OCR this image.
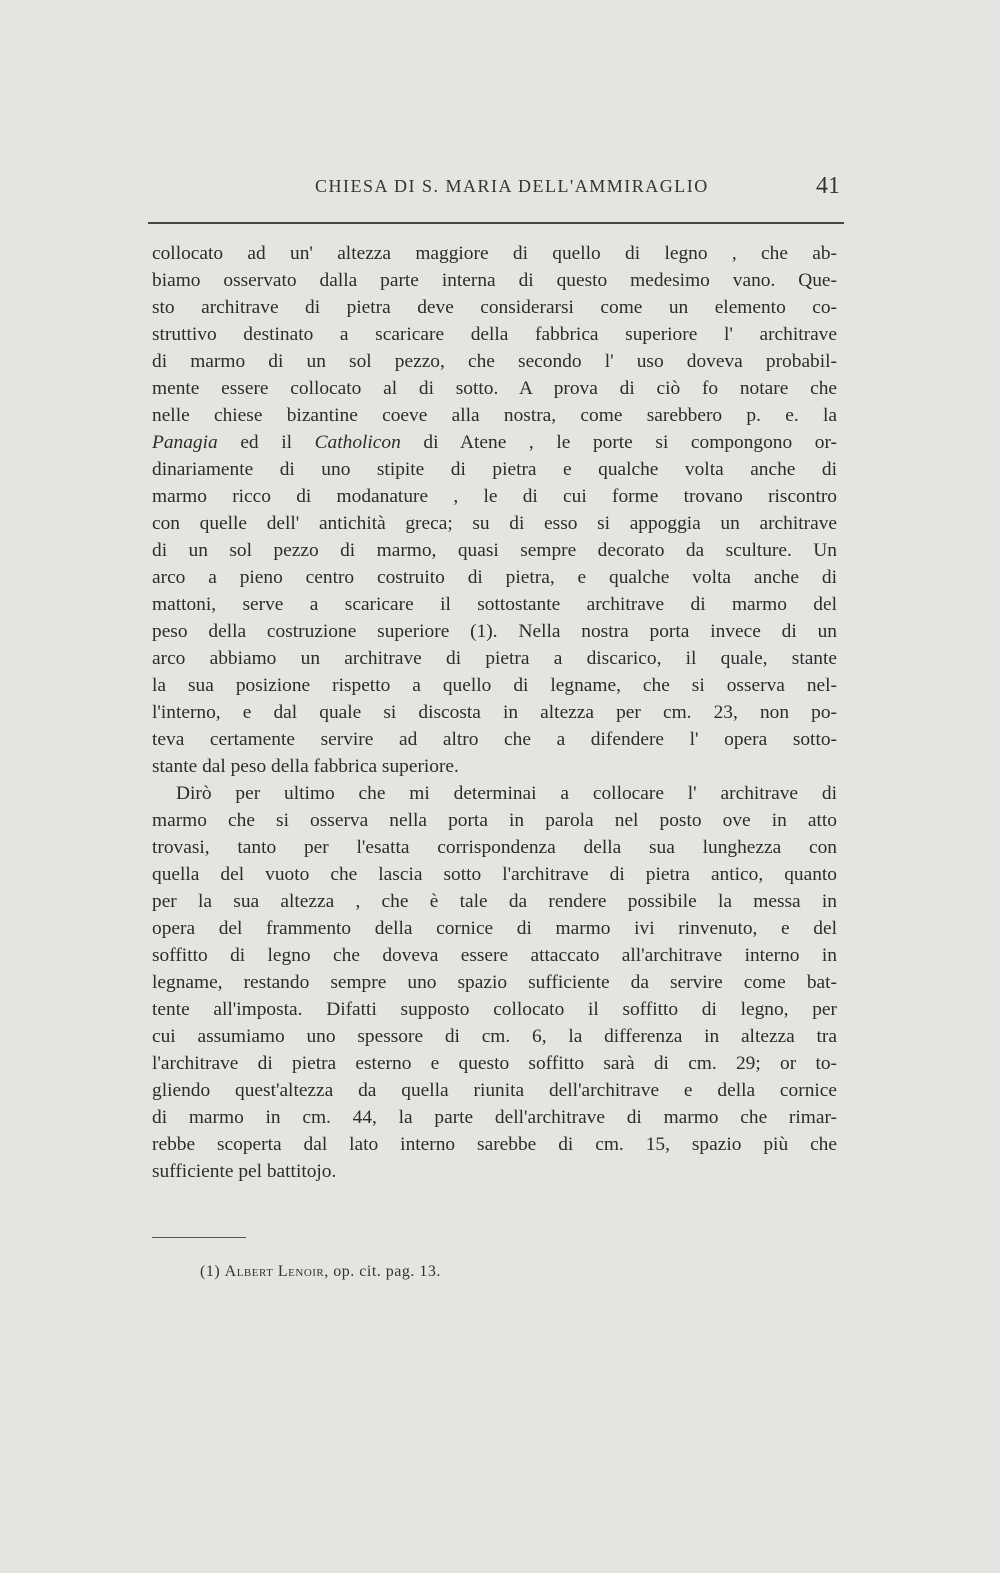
CHIESA DI S. MARIA DELL'AMMIRAGLIO	41
collocato ad un' altezza maggiore di quello di legno , che ab-
biamo osservato dalla parte interna di questo medesimo vano. Que-
sto architrave di pietra deve considerarsi come un elemento co-
struttivo destinato a scaricare della fabbrica superiore l' architrave
di marmo di un sol pezzo, che secondo l' uso doveva probabil-
mente essere collocato al di sotto. A prova di ciò fo notare che
nelle chiese bizantine coeve alla nostra, come sarebbero p. e. la
Panagia ed il Catholicon di Atene , le porte si compongono or-
dinariamente di uno stipite di pietra e qualche volta anche di
marmo ricco di modanature , le di cui forme trovano riscontro
con quelle dell' antichità greca; su di esso si appoggia un architrave
di un sol pezzo di marmo, quasi sempre decorato da sculture. Un
arco a pieno centro costruito di pietra, e qualche volta anche di
mattoni, serve a scaricare il sottostante architrave di marmo del
peso della costruzione superiore (1). Nella nostra porta invece di un
arco abbiamo un architrave di pietra a discarico, il quale, stante
la sua posizione rispetto a quello di legname, che si osserva nel-
l'interno, e dal quale si discosta in altezza per cm. 23, non po-
teva certamente servire ad altro che a difendere l' opera sotto-
stante dal peso della fabbrica superiore.
Dirò per ultimo che mi determinai a collocare l' architrave di
marmo che si osserva nella porta in parola nel posto ove in atto
trovasi, tanto per l'esatta corrispondenza della sua lunghezza con
quella del vuoto che lascia sotto l'architrave di pietra antico, quanto
per la sua altezza , che è tale da rendere possibile la messa in
opera del frammento della cornice di marmo ivi rinvenuto, e del
soffitto di legno che doveva essere attaccato all'architrave interno in
legname, restando sempre uno spazio sufficiente da servire come bat-
tente all'imposta. Difatti supposto collocato il soffitto di legno, per
cui assumiamo uno spessore di cm. 6, la differenza in altezza tra
l'architrave di pietra esterno e questo soffitto sarà di cm. 29; or to-
gliendo quest'altezza da quella riunita dell'architrave e della cornice
di marmo in cm. 44, la parte dell'architrave di marmo che rimar-
rebbe scoperta dal lato interno sarebbe di cm. 15, spazio più che
sufficiente pel battitojo.
(1) Albert Lenoir, op. cit. pag. 13.
